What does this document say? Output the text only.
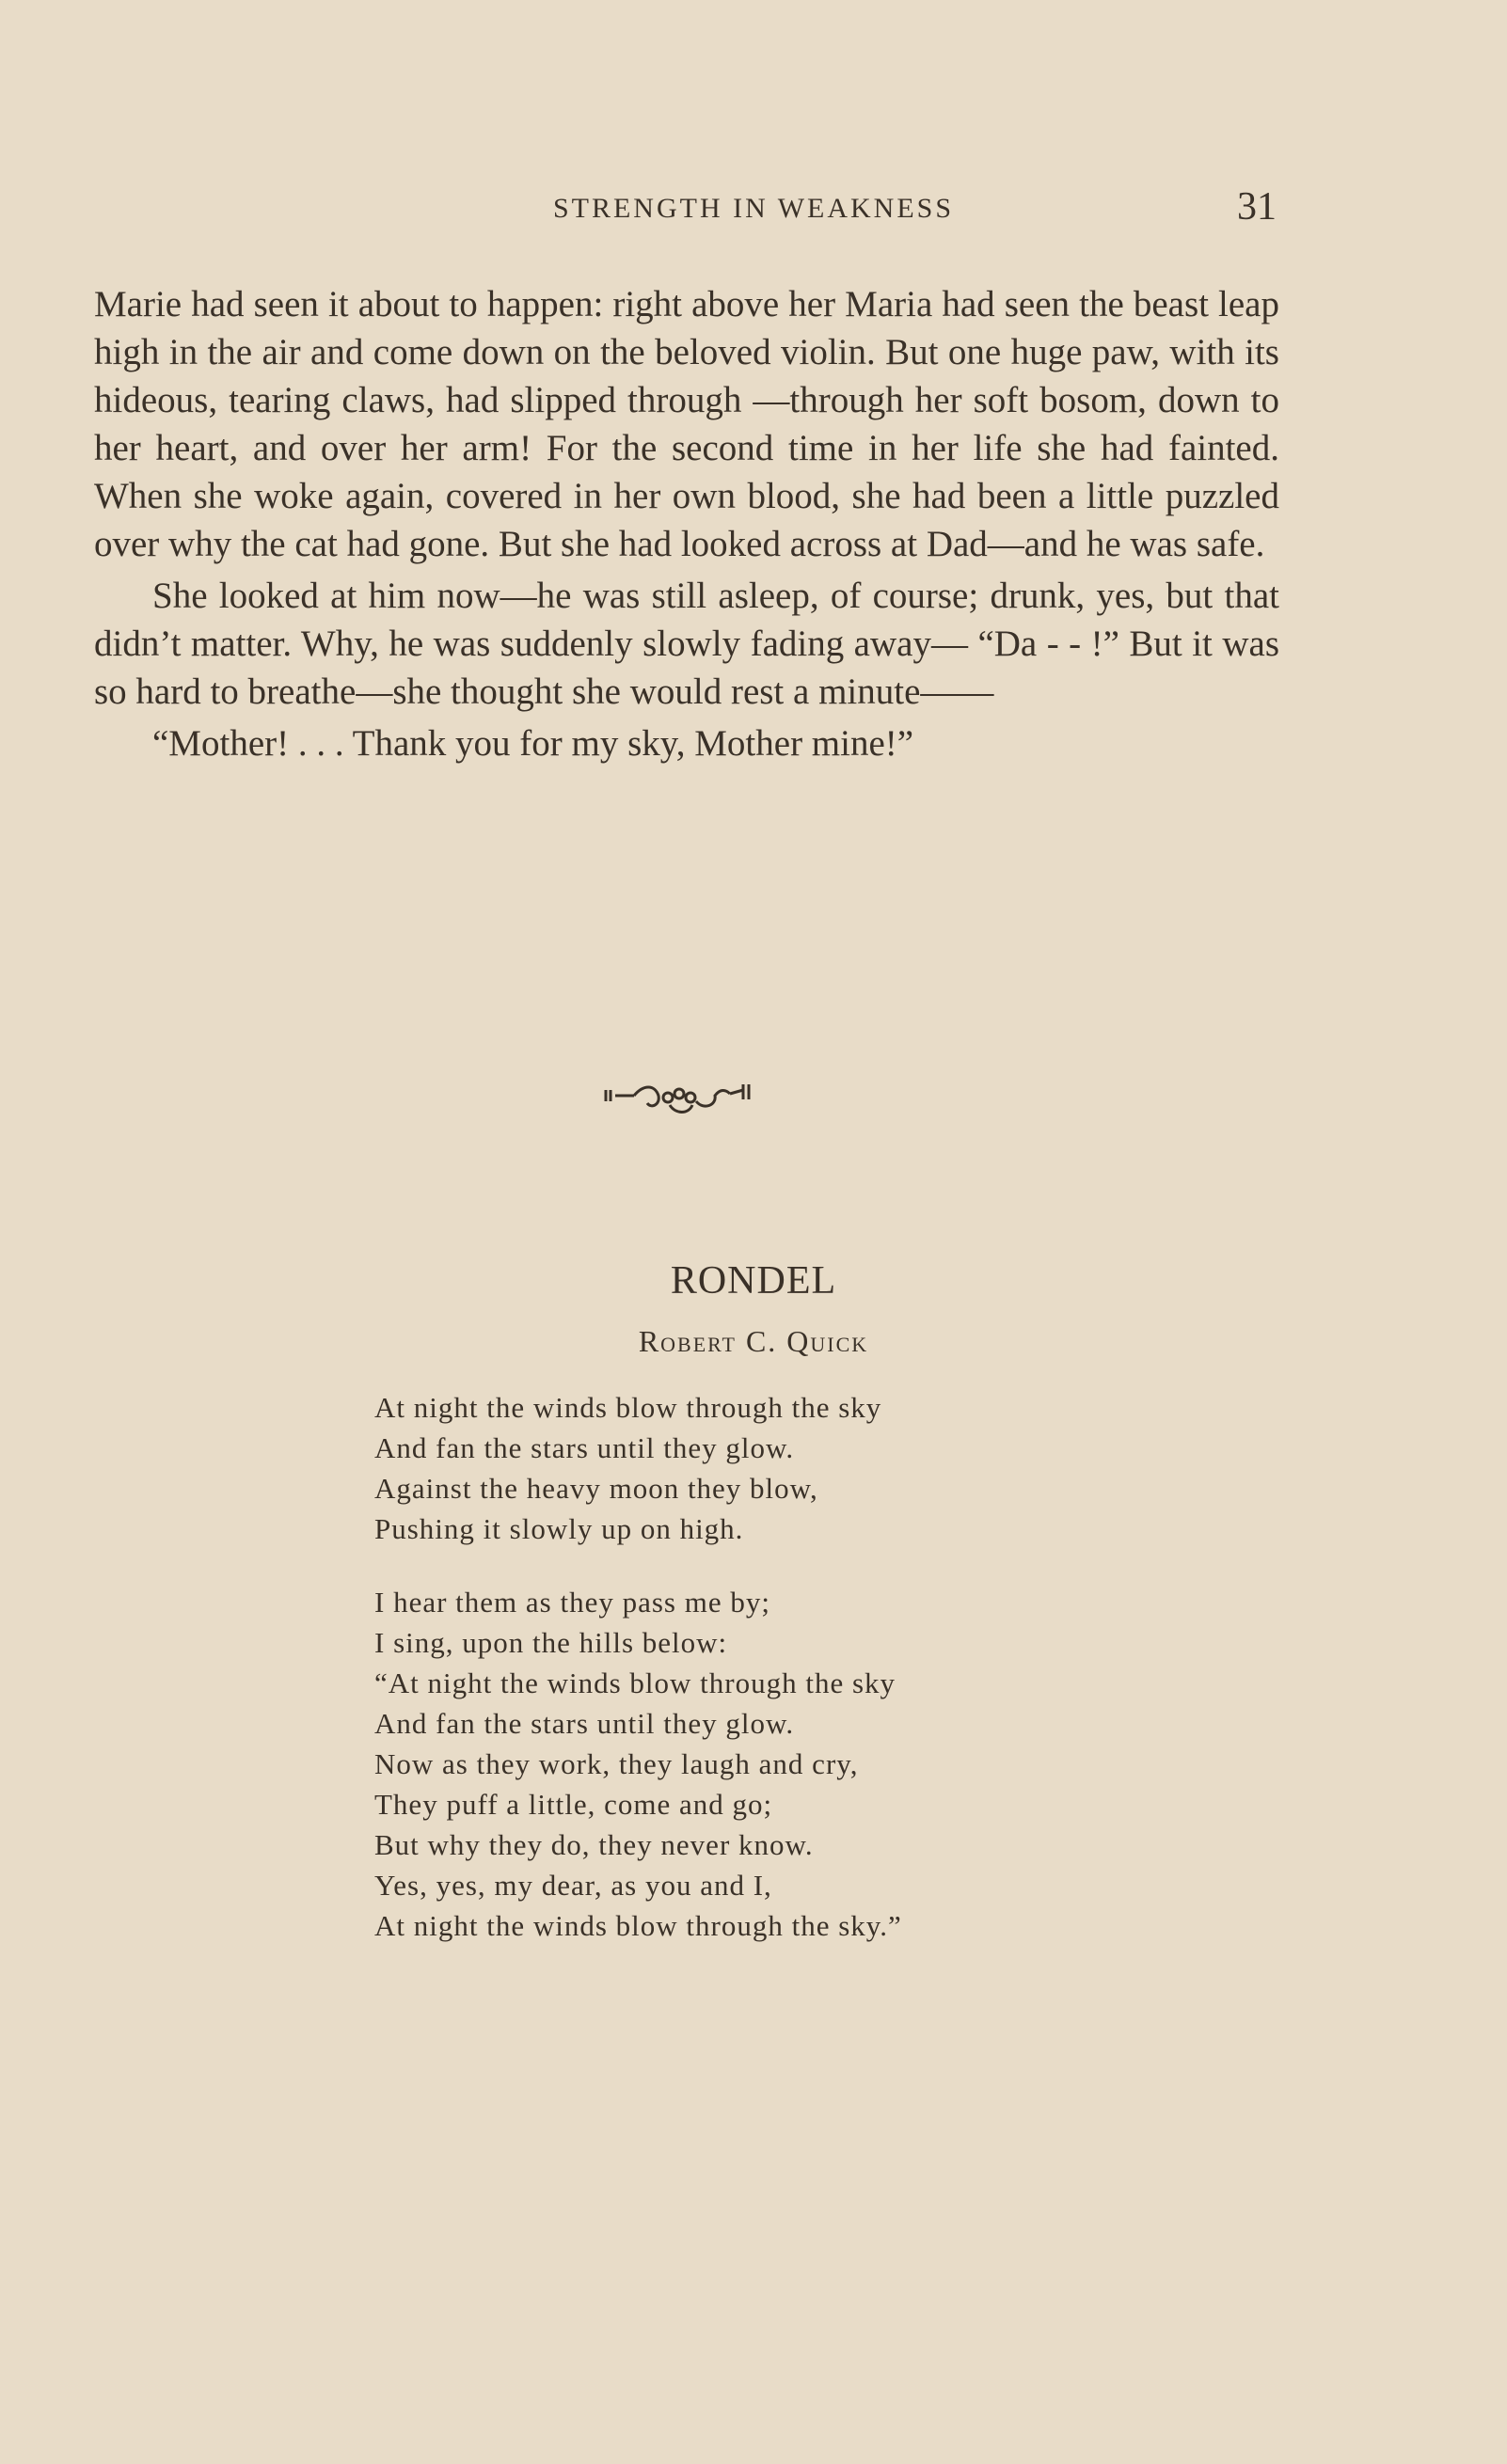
STRENGTH IN WEAKNESS	31

Marie had seen it about to happen: right above her Maria had seen the beast leap high in the air and come down on the beloved violin. But one huge paw, with its hideous, tearing claws, had slipped through —through her soft bosom, down to her heart, and over her arm! For the second time in her life she had fainted. When she woke again, covered in her own blood, she had been a little puzzled over why the cat had gone. But she had looked across at Dad—and he was safe.

She looked at him now—he was still asleep, of course; drunk, yes, but that didn’t matter. Why, he was suddenly slowly fading away— “Da - - !” But it was so hard to breathe—she thought she would rest a minute——

“Mother! . . . Thank you for my sky, Mother mine!”

RONDEL
Robert C. Quick
At night the winds blow through the sky
And fan the stars until they glow.
Against the heavy moon they blow,
Pushing it slowly up on high.
I hear them as they pass me by;
I sing, upon the hills below:
“At night the winds blow through the sky
And fan the stars until they glow.
Now as they work, they laugh and cry,
They puff a little, come and go;
But why they do, they never know.
Yes, yes, my dear, as you and I,
At night the winds blow through the sky.”
